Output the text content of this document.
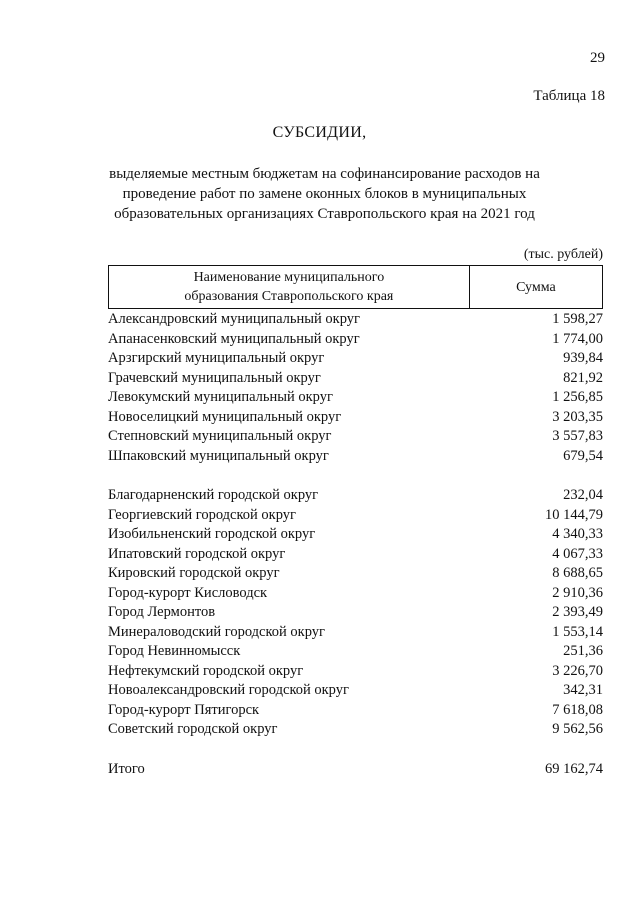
29
Таблица 18
СУБСИДИИ,
выделяемые местным бюджетам на софинансирование расходов на
проведение работ по замене оконных блоков в муниципальных
образовательных организациях Ставропольского края на 2021 год
(тыс. рублей)
Наименование муниципального
образования Ставропольского края
	Сумма
Александровский муниципальный округ	1 598,27
Апанасенковский муниципальный округ	1 774,00
Арзгирский муниципальный округ	939,84
Грачевский муниципальный округ	821,92
Левокумский муниципальный округ	1 256,85
Новоселицкий муниципальный округ	3 203,35
Степновский муниципальный округ	3 557,83
Шпаковский муниципальный округ	679,54
Благодарненский городской округ	232,04
Георгиевский городской округ	10 144,79
Изобильненский городской округ	4 340,33
Ипатовский городской округ	4 067,33
Кировский городской округ	8 688,65
Город-курорт Кисловодск	2 910,36
Город Лермонтов	2 393,49
Минераловодский городской округ	1 553,14
Город Невинномысск	251,36
Нефтекумский городской округ	3 226,70
Новоалександровский городской округ	342,31
Город-курорт Пятигорск	7 618,08
Советский городской округ	9 562,56
Итого	69 162,74
